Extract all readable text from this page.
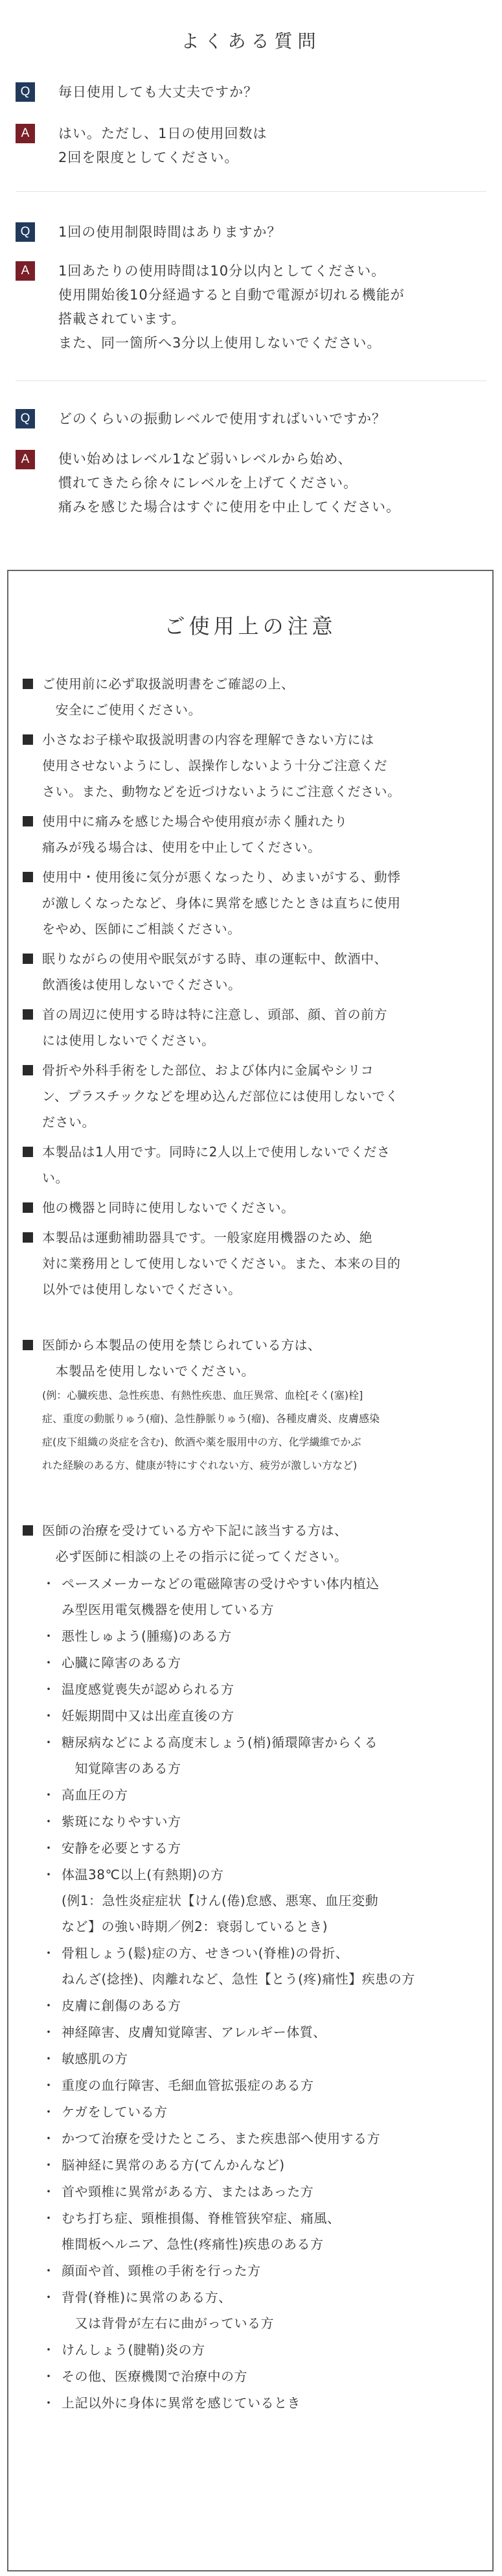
よくある質問
Q	毎日使用しても大丈夫ですか？
A	はい。ただし、1日の使用回数は
2回を限度としてください。
Q	1回の使用制限時間はありますか？
A	1回あたりの使用時間は10分以内としてください。
使用開始後10分経過すると自動で電源が切れる機能が
搭載されています。
また、同一箇所へ3分以上使用しないでください。
Q	どのくらいの振動レベルで使用すればいいですか？
A	使い始めはレベル1など弱いレベルから始め、
慣れてきたら徐々にレベルを上げてください。
痛みを感じた場合はすぐに使用を中止してください。
ご使用上の注意
ご使用前に必ず取扱説明書をご確認の上、
　安全にご使用ください。
小さなお子様や取扱説明書の内容を理解できない方には
使用させないようにし、誤操作しないよう十分ご注意くだ
さい。また、動物などを近づけないようにご注意ください。
使用中に痛みを感じた場合や使用痕が赤く腫れたり
痛みが残る場合は、使用を中止してください。
使用中・使用後に気分が悪くなったり、めまいがする、動悸
が激しくなったなど、身体に異常を感じたときは直ちに使用
をやめ、医師にご相談ください。
眠りながらの使用や眠気がする時、車の運転中、飲酒中、
飲酒後は使用しないでください。
首の周辺に使用する時は特に注意し、頭部、顔、首の前方
には使用しないでください。
骨折や外科手術をした部位、および体内に金属やシリコ
ン、プラスチックなどを埋め込んだ部位には使用しないでく
ださい。
本製品は1人用です。同時に2人以上で使用しないでくださ
い。
他の機器と同時に使用しないでください。
本製品は運動補助器具です。一般家庭用機器のため、絶
対に業務用として使用しないでください。また、本来の目的
以外では使用しないでください。
医師から本製品の使用を禁じられている方は、
　本製品を使用しないでください。
(例：心臓疾患、急性疾患、有熱性疾患、血圧異常、血栓[そく(塞)栓]
症、重度の動脈りゅう(瘤)、急性静脈りゅう(瘤)、各種皮膚炎、皮膚感染
症(皮下組織の炎症を含む)、飲酒や薬を服用中の方、化学繊維でかぶ
れた経験のある方、健康が特にすぐれない方、疲労が激しい方など)
医師の治療を受けている方や下記に該当する方は、
　必ず医師に相談の上その指示に従ってください。
・ ペースメーカーなどの電磁障害の受けやすい体内植込
み型医用電気機器を使用している方
・ 悪性しゅよう(腫瘍)のある方
・ 心臓に障害のある方
・ 温度感覚喪失が認められる方
・ 妊娠期間中又は出産直後の方
・ 糖尿病などによる高度末しょう(梢)循環障害からくる
　知覚障害のある方
・ 高血圧の方
・ 紫斑になりやすい方
・ 安静を必要とする方
・ 体温38℃以上(有熱期)の方
(例1：急性炎症症状【けん(倦)怠感、悪寒、血圧変動
など】の強い時期／例2：衰弱しているとき)
・ 骨粗しょう(鬆)症の方、せきつい(脊椎)の骨折、
ねんざ(捻挫)、肉離れなど、急性【とう(疼)痛性】疾患の方
・ 皮膚に創傷のある方
・ 神経障害、皮膚知覚障害、アレルギー体質、
・ 敏感肌の方
・ 重度の血行障害、毛細血管拡張症のある方
・ ケガをしている方
・ かつて治療を受けたところ、また疾患部へ使用する方
・ 脳神経に異常のある方(てんかんなど)
・ 首や頸椎に異常がある方、またはあった方
・ むち打ち症、頸椎損傷、脊椎管狭窄症、痛風、
椎間板ヘルニア、急性(疼痛性)疾患のある方
・ 顔面や首、頸椎の手術を行った方
・ 背骨(脊椎)に異常のある方、
　又は背骨が左右に曲がっている方
・ けんしょう(腱鞘)炎の方
・ その他、医療機関で治療中の方
・ 上記以外に身体に異常を感じているとき
